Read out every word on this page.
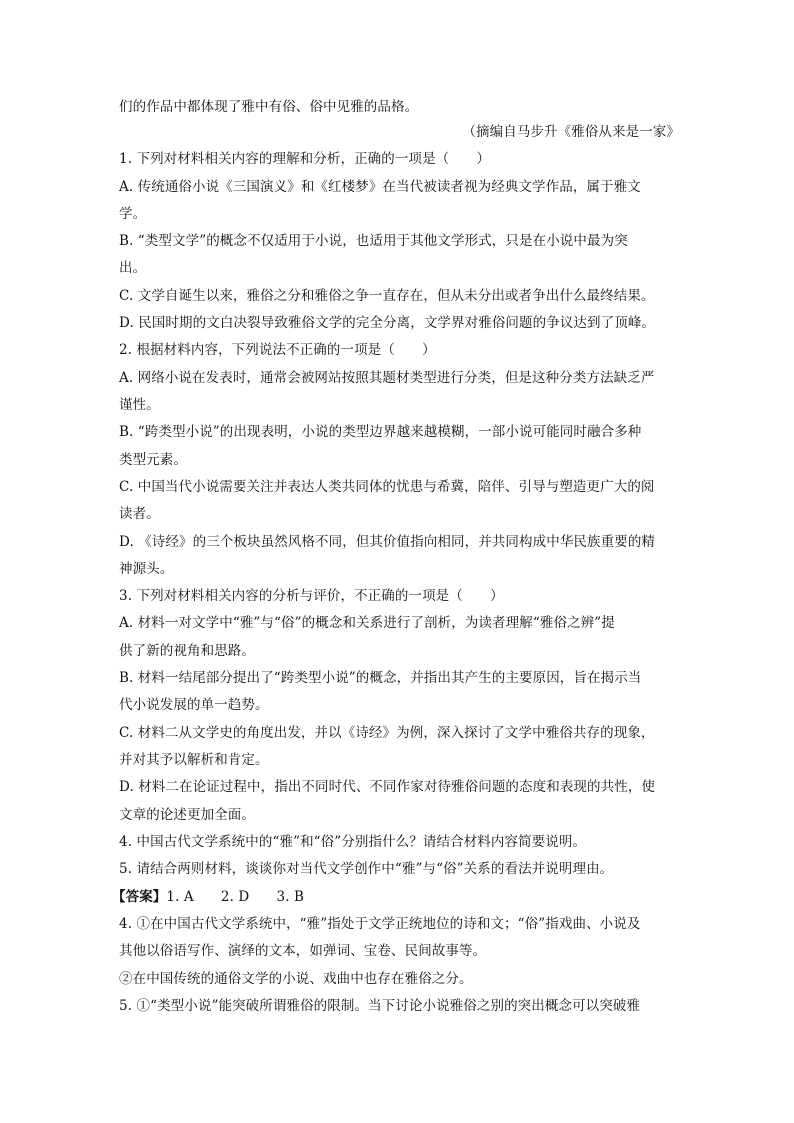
们的作品中都体现了雅中有俗、俗中见雅的品格。
（摘编自马步升《雅俗从来是一家》
1. 下列对材料相关内容的理解和分析，正确的一项是（　　）
A. 传统通俗小说《三国演义》和《红楼梦》在当代被读者视为经典文学作品，属于雅文
学。
B. “类型文学”的概念不仅适用于小说，也适用于其他文学形式，只是在小说中最为突
出。
C. 文学自诞生以来，雅俗之分和雅俗之争一直存在，但从未分出或者争出什么最终结果。
D. 民国时期的文白决裂导致雅俗文学的完全分离，文学界对雅俗问题的争议达到了顶峰。
2. 根据材料内容，下列说法不正确的一项是（　　）
A. 网络小说在发表时，通常会被网站按照其题材类型进行分类，但是这种分类方法缺乏严
谨性。
B. “跨类型小说”的出现表明，小说的类型边界越来越模糊，一部小说可能同时融合多种
类型元素。
C. 中国当代小说需要关注并表达人类共同体的忧患与希冀，陪伴、引导与塑造更广大的阅
读者。
D. 《诗经》的三个板块虽然风格不同，但其价值指向相同，并共同构成中华民族重要的精
神源头。
3. 下列对材料相关内容的分析与评价，不正确的一项是（　　）
A. 材料一对文学中“雅”与“俗”的概念和关系进行了剖析，为读者理解“雅俗之辨”提
供了新的视角和思路。
B. 材料一结尾部分提出了“跨类型小说”的概念，并指出其产生的主要原因，旨在揭示当
代小说发展的单一趋势。
C. 材料二从文学史的角度出发，并以《诗经》为例，深入探讨了文学中雅俗共存的现象，
并对其予以解析和肯定。
D. 材料二在论证过程中，指出不同时代、不同作家对待雅俗问题的态度和表现的共性，使
文章的论述更加全面。
4. 中国古代文学系统中的“雅”和“俗”分别指什么？请结合材料内容简要说明。
5. 请结合两则材料，谈谈你对当代文学创作中“雅”与“俗”关系的看法并说明理由。
【答案】1. A　　2. D　　3. B
4. ①在中国古代文学系统中，“雅”指处于文学正统地位的诗和文；“俗”指戏曲、小说及
其他以俗语写作、演绎的文本，如弹词、宝卷、民间故事等。
②在中国传统的通俗文学的小说、戏曲中也存在雅俗之分。
5. ①“类型小说”能突破所谓雅俗的限制。当下讨论小说雅俗之别的突出概念可以突破雅
